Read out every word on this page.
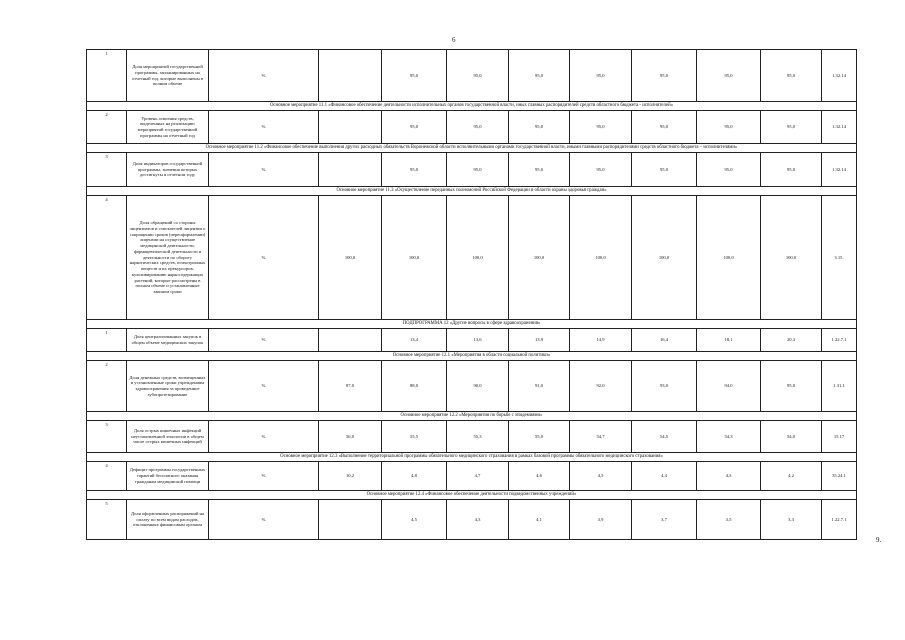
6
1	Доля мероприятий государственной программы, запланированных на отчетный год, которые выполнены в полном объеме	%		95,0	95,0	95,0	95,0	95,0	95,0	95,0	1.32.14
Основное мероприятие 11.1 «Финансовое обеспечение деятельности исполнительных органов государственной власти, иных главных распорядителей средств областного бюджета - исполнителей»											
2	Уровень освоения средств, выделенных на реализацию мероприятий государственной программы на отчетный год	%		95,0	95,0	95,0	95,0	95,0	95,0	95,0	1.32.14
Основное мероприятие 11.2 «Финансовое обеспечение выполнения других расходных обязательств Воронежской области исполнительными органами государственной власти, иными главными распорядителями средств областного бюджета – исполнителями»											
3	Доля индикаторов государственной программы, значения которых достигнуты в отчетном году	%		95,0	95,0	95,0	95,0	95,0	95,0	95,0	1.32.14
Основное мероприятие 11.3 «Осуществление переданных полномочий Российской Федерации в области охраны здоровья граждан»											
4	Доля обращений со стороны лицензиатов и соискателей лицензии о сокращении сроков (переоформлении) лицензии на осуществление медицинской деятельности, фармацевтической деятельности и деятельности по обороту наркотических средств, психотропных веществ и их прекурсоров, культивированию наркосодержащих растений, которые рассмотрены в полном объеме и установленные законом сроки	%	100,0	100,0	100,0	100,0	100,0	100,0	100,0	100,0	3.15.
ПОДПРОГРАММА 12 «Другие вопросы в сфере здравоохранения»											
1	Доля централизованных закупок в общем объеме медицинских закупок	%		13,4	13,6	13,9	14,9	16,4	18,1	20,3	1.22.7.1
Основное мероприятие 12.1 «Мероприятия в области социальной политики»											
2	Доля денежных средств, возмещенных в установленные сроки учреждениям здравоохранения за проведенное зубопротезирование	%	87,0	88,0	90,0	91,0	92,0	93,0	94,0	95,0	1.31.1
Основное мероприятие 12.2 «Мероприятия по борьбе с эпидемиями»											
3	Доля острых кишечных инфекций неустановленной этиологии в общем числе острых кишечных инфекций	%	56,0	55,5	55,3	55,0	54,7	54,5	54,3	54,0	15.17
Основное мероприятие 12.3 «Выполнение территориальной программы обязательного медицинского страхования в рамках базовой программы обязательного медицинского страхования»											
4	Дефицит программы государственных гарантий бесплатного оказания гражданам медицинской помощи	%	10,2	4,8	4,7	4,6	4,5	4,4	4,3	4,2	35.24.1
Основное мероприятие 12.4 «Финансовое обеспечение деятельности подведомственных учреждений»											
5	Доля оформленных распоряжений на оплату по всем видам расходов, отклоненных финансовым органом	%		4,5	4,3	4,1	3,9	3,7	3,5	3,3	1.22.7.1
9.
